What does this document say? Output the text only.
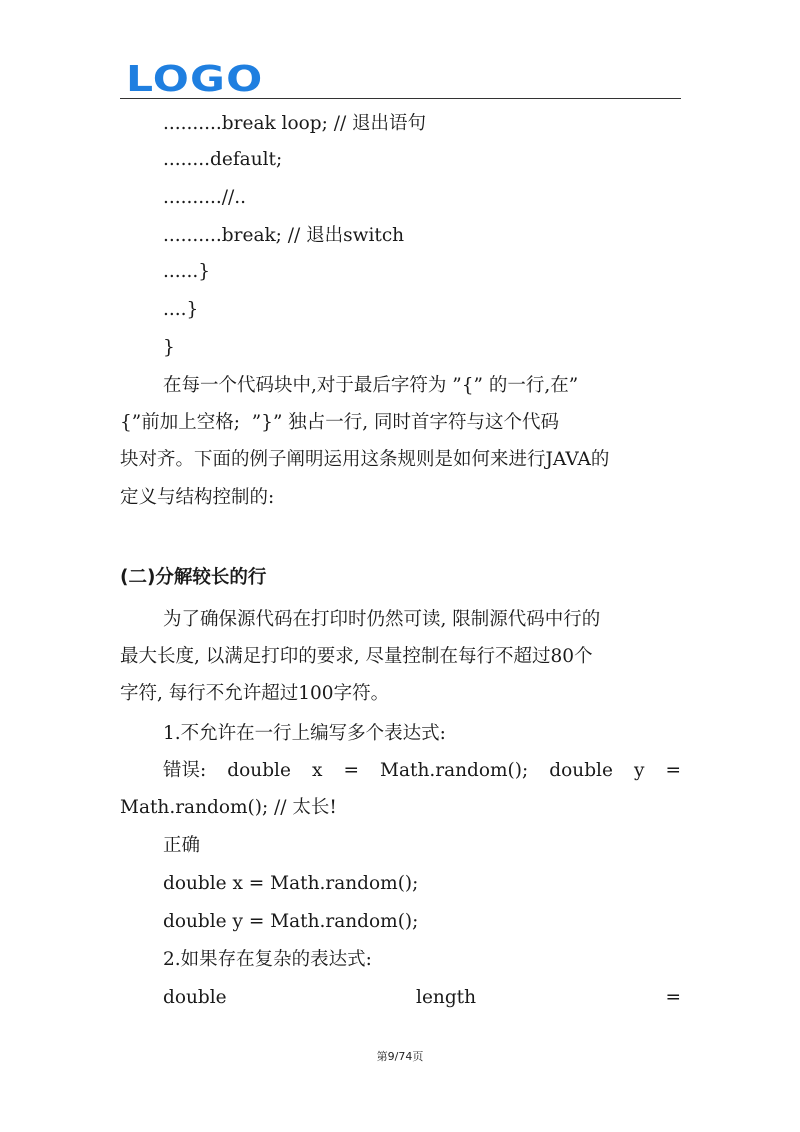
LOGO
..........break loop; // 退出语句
........default;
..........//..
..........break; // 退出switch
......}
....}
}
在每一个代码块中,对于最后字符为 ”{” 的一行,在”
{”前加上空格;  ”}” 独占一行, 同时首字符与这个代码
块对齐。下面的例子阐明运用这条规则是如何来进行JAVA的
定义与结构控制的:
(二)分解较长的行
为了确保源代码在打印时仍然可读, 限制源代码中行的
最大长度, 以满足打印的要求, 尽量控制在每行不超过80个
字符, 每行不允许超过100字符。
1.不允许在一行上编写多个表达式:
错误: double x = Math.random(); double y =
Math.random(); // 太长!
正确
double x = Math.random();
double y = Math.random();
2.如果存在复杂的表达式:
double	length	=
第9/74页
